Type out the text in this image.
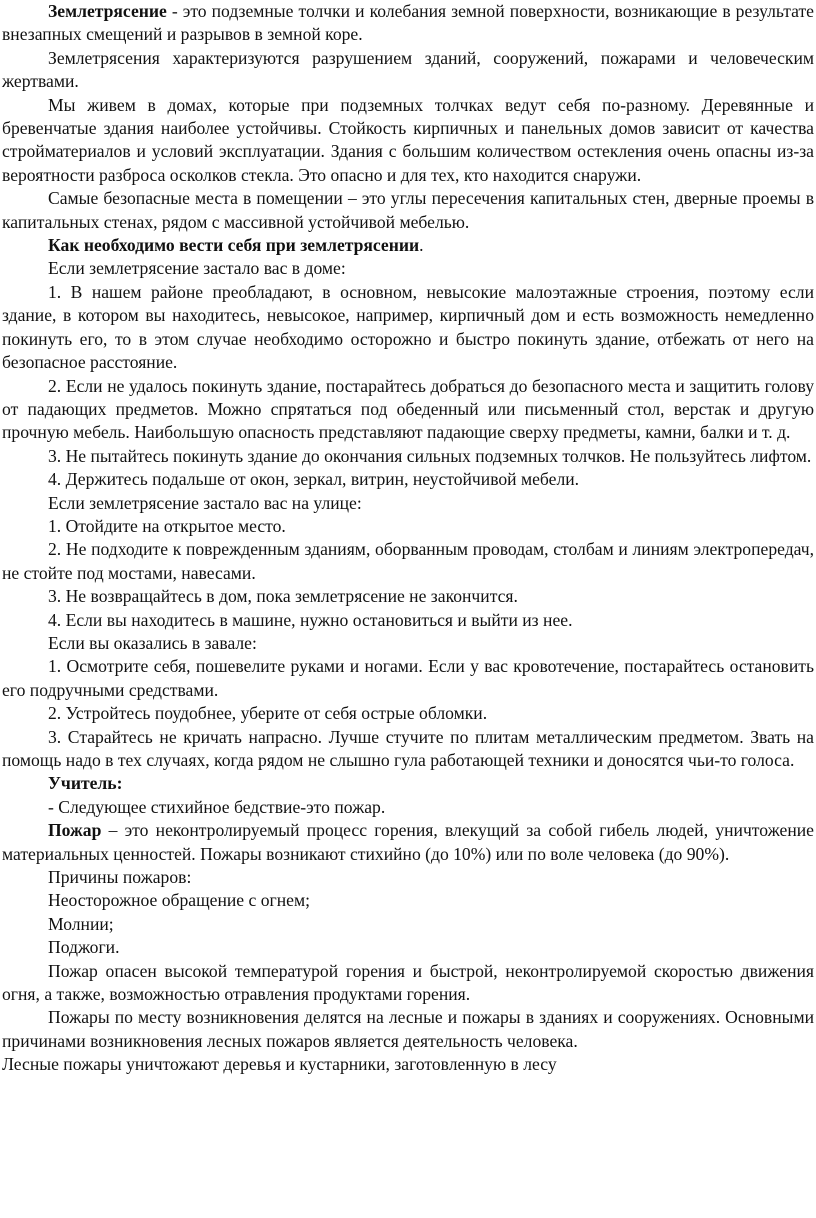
Землетрясение - это подземные толчки и колебания земной поверхности, возникающие в результате внезапных смещений и разрывов в земной коре.

Землетрясения характеризуются разрушением зданий, сооружений, пожарами и человеческим жертвами.

Мы живем в домах, которые при подземных толчках ведут себя по-разному. Деревянные и бревенчатые здания наиболее устойчивы. Стойкость кирпичных и панельных домов зависит от качества стройматериалов и условий эксплуатации. Здания с большим количеством остекления очень опасны из-за вероятности разброса осколков стекла. Это опасно и для тех, кто находится снаружи.

Самые безопасные места в помещении – это углы пересечения капитальных стен, дверные проемы в капитальных стенах, рядом с массивной устойчивой мебелью.

Как необходимо вести себя при землетрясении.

Если землетрясение застало вас в доме:

1. В нашем районе преобладают, в основном, невысокие малоэтажные строения, поэтому если здание, в котором вы находитесь, невысокое, например, кирпичный дом и есть возможность немедленно покинуть его, то в этом случае необходимо осторожно и быстро покинуть здание, отбежать от него на безопасное расстояние.

2. Если не удалось покинуть здание, постарайтесь добраться до безопасного места и защитить голову от падающих предметов. Можно спрятаться под обеденный или письменный стол, верстак и другую прочную мебель. Наибольшую опасность представляют падающие сверху предметы, камни, балки и т. д.

3. Не пытайтесь покинуть здание до окончания сильных подземных толчков. Не пользуйтесь лифтом.

4. Держитесь подальше от окон, зеркал, витрин, неустойчивой мебели.

Если землетрясение застало вас на улице:

1. Отойдите на открытое место.

2. Не подходите к поврежденным зданиям, оборванным проводам, столбам и линиям электропередач, не стойте под мостами, навесами.

3. Не возвращайтесь в дом, пока землетрясение не закончится.

4. Если вы находитесь в машине, нужно остановиться и выйти из нее.

Если вы оказались в завале:

1. Осмотрите себя, пошевелите руками и ногами. Если у вас кровотечение, постарайтесь остановить его подручными средствами.

2. Устройтесь поудобнее, уберите от себя острые обломки.

3. Старайтесь не кричать напрасно. Лучше стучите по плитам металлическим предметом. Звать на помощь надо в тех случаях, когда рядом не слышно гула работающей техники и доносятся чьи-то голоса.

Учитель:

- Следующее стихийное бедствие-это пожар.

Пожар – это неконтролируемый процесс горения, влекущий за собой гибель людей, уничтожение материальных ценностей. Пожары возникают стихийно (до 10%) или по воле человека (до 90%).

Причины пожаров:

Неосторожное обращение с огнем;

Молнии;

Поджоги.

Пожар опасен высокой температурой горения и быстрой, неконтролируемой скоростью движения огня, а также, возможностью отравления продуктами горения.

Пожары по месту возникновения делятся на лесные и пожары в зданиях и сооружениях. Основными причинами возникновения лесных пожаров является деятельность человека.

Лесные пожары уничтожают деревья и кустарники, заготовленную в лесу
